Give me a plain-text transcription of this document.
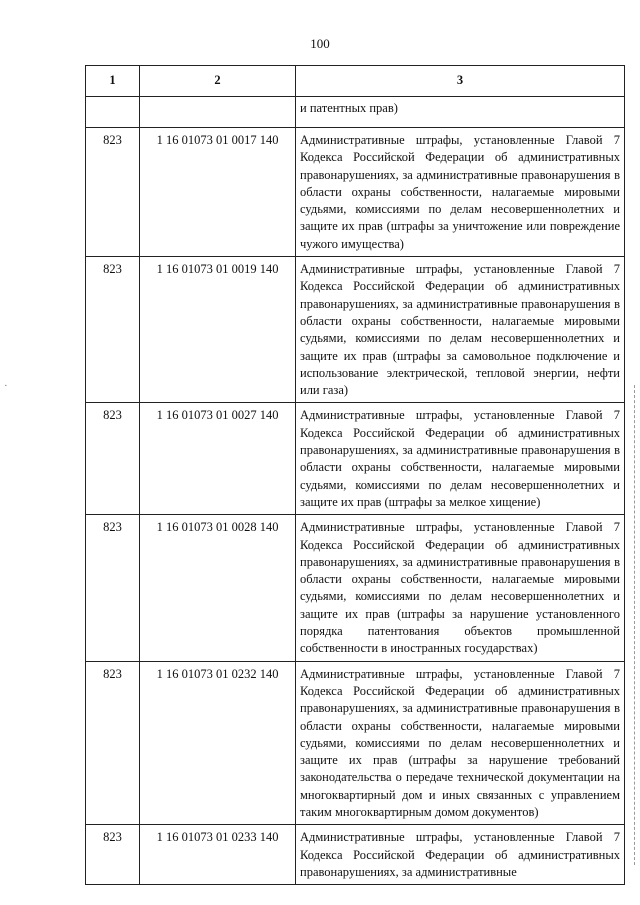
100
1	2	3
		и патентных прав)
823	1 16 01073 01 0017 140	Административные штрафы, установленные Главой 7 Кодекса Российской Федерации об административных правонарушениях, за административные правонарушения в области охраны собственности, налагаемые мировыми судьями, комиссиями по делам несовершеннолетних и защите их прав (штрафы за уничтожение или повреждение чужого имущества)
823	1 16 01073 01 0019 140	Административные штрафы, установленные Главой 7 Кодекса Российской Федерации об административных правонарушениях, за административные правонарушения в области охраны собственности, налагаемые мировыми судьями, комиссиями по делам несовершеннолетних и защите их прав (штрафы за самовольное подключение и использование электрической, тепловой энергии, нефти или газа)
823	1 16 01073 01 0027 140	Административные штрафы, установленные Главой 7 Кодекса Российской Федерации об административных правонарушениях, за административные правонарушения в области охраны собственности, налагаемые мировыми судьями, комиссиями по делам несовершеннолетних и защите их прав (штрафы за мелкое хищение)
823	1 16 01073 01 0028 140	Административные штрафы, установленные Главой 7 Кодекса Российской Федерации об административных правонарушениях, за административные правонарушения в области охраны собственности, налагаемые мировыми судьями, комиссиями по делам несовершеннолетних и защите их прав (штрафы за нарушение установленного порядка патентования объектов промышленной собственности в иностранных государствах)
823	1 16 01073 01 0232 140	Административные штрафы, установленные Главой 7 Кодекса Российской Федерации об административных правонарушениях, за административные правонарушения в области охраны собственности, налагаемые мировыми судьями, комиссиями по делам несовершеннолетних и защите их прав (штрафы за нарушение требований законодательства о передаче технической документации на многоквартирный дом и иных связанных с управлением таким многоквартирным домом документов)
823	1 16 01073 01 0233 140	Административные штрафы, установленные Главой 7 Кодекса Российской Федерации об административных правонарушениях, за административные
·
